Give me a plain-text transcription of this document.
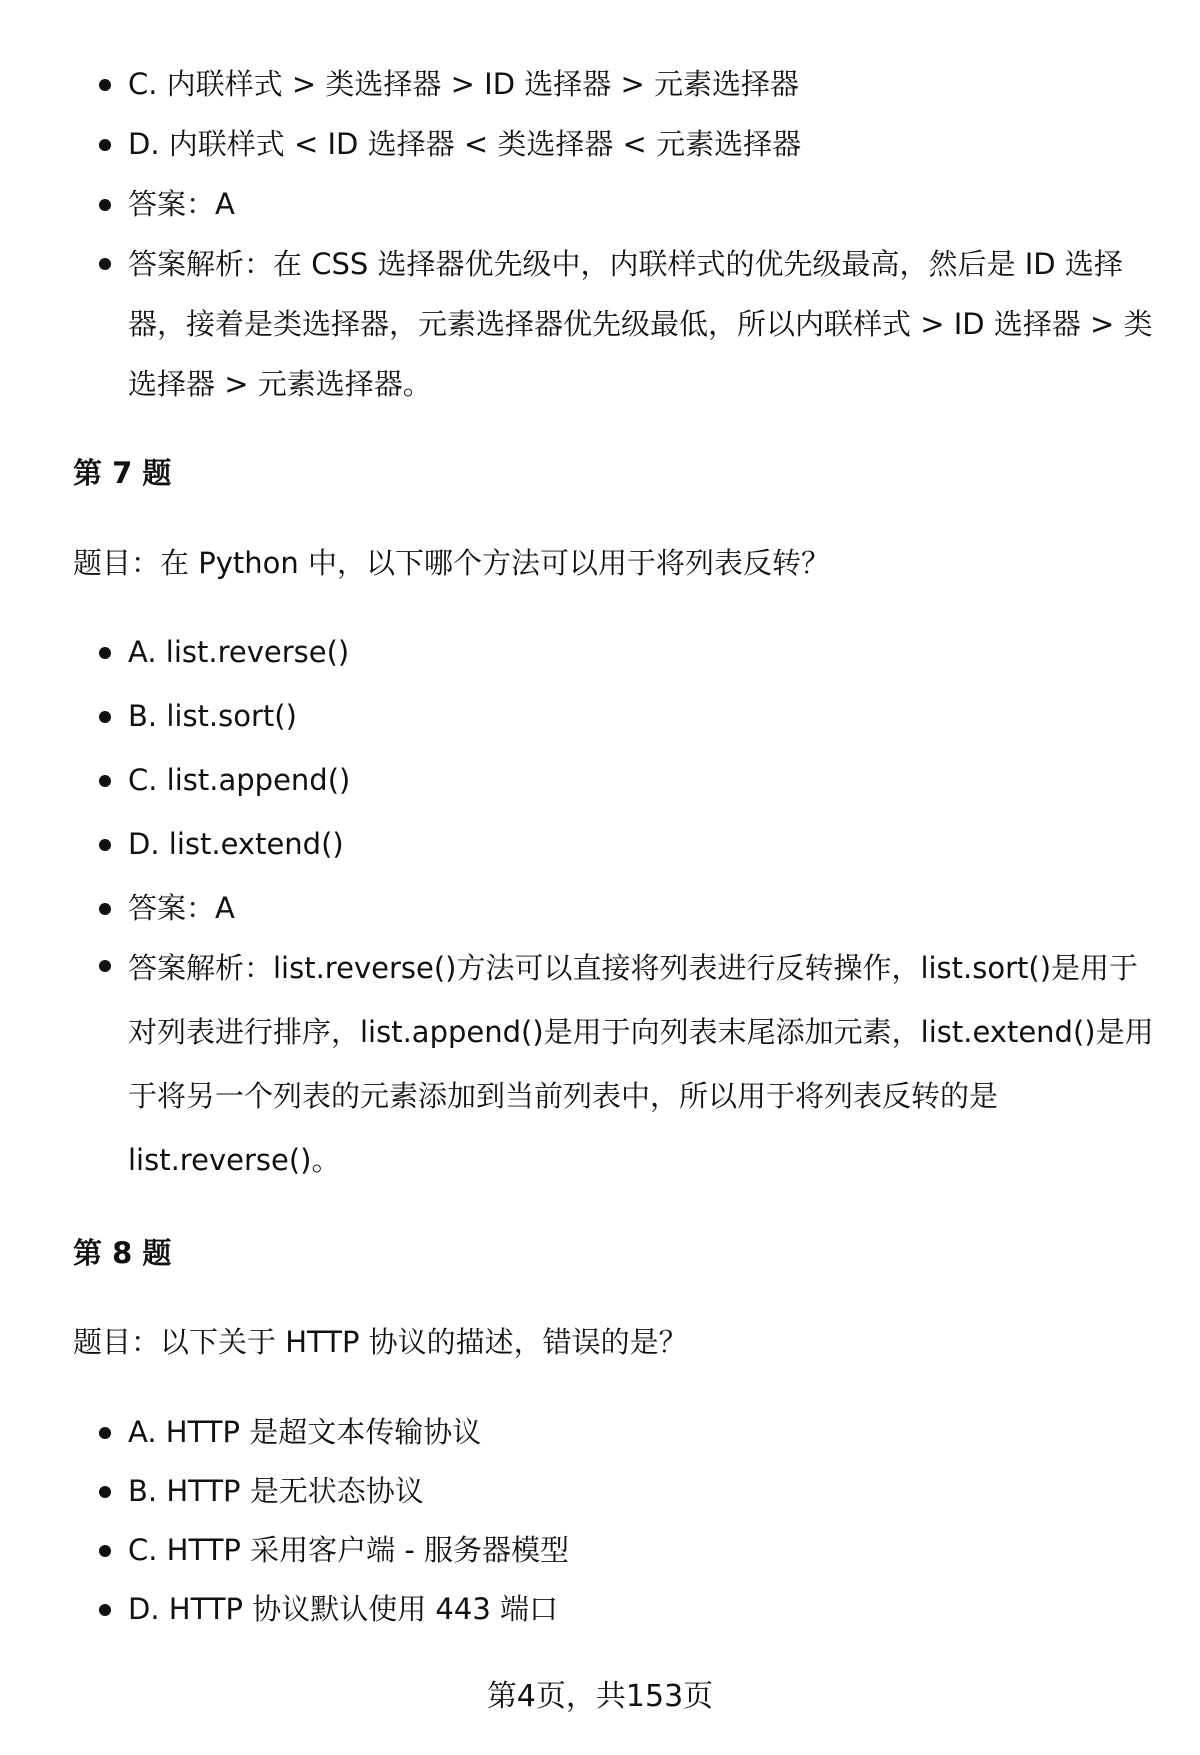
C. 内联样式 > 类选择器 > ID 选择器 > 元素选择器
D. 内联样式 < ID 选择器 < 类选择器 < 元素选择器
答案：A
答案解析：在 CSS 选择器优先级中，内联样式的优先级最高，然后是 ID 选择器，接着是类选择器，元素选择器优先级最低，所以内联样式 > ID 选择器 > 类选择器 > 元素选择器。
第 7 题
题目：在 Python 中，以下哪个方法可以用于将列表反转？
A. list.reverse()
B. list.sort()
C. list.append()
D. list.extend()
答案：A
答案解析：list.reverse()方法可以直接将列表进行反转操作，list.sort()是用于对列表进行排序，list.append()是用于向列表末尾添加元素，list.extend()是用于将另一个列表的元素添加到当前列表中，所以用于将列表反转的是list.reverse()。
第 8 题
题目：以下关于 HTTP 协议的描述，错误的是？
A. HTTP 是超文本传输协议
B. HTTP 是无状态协议
C. HTTP 采用客户端 - 服务器模型
D. HTTP 协议默认使用 443 端口
第4页，共153页
